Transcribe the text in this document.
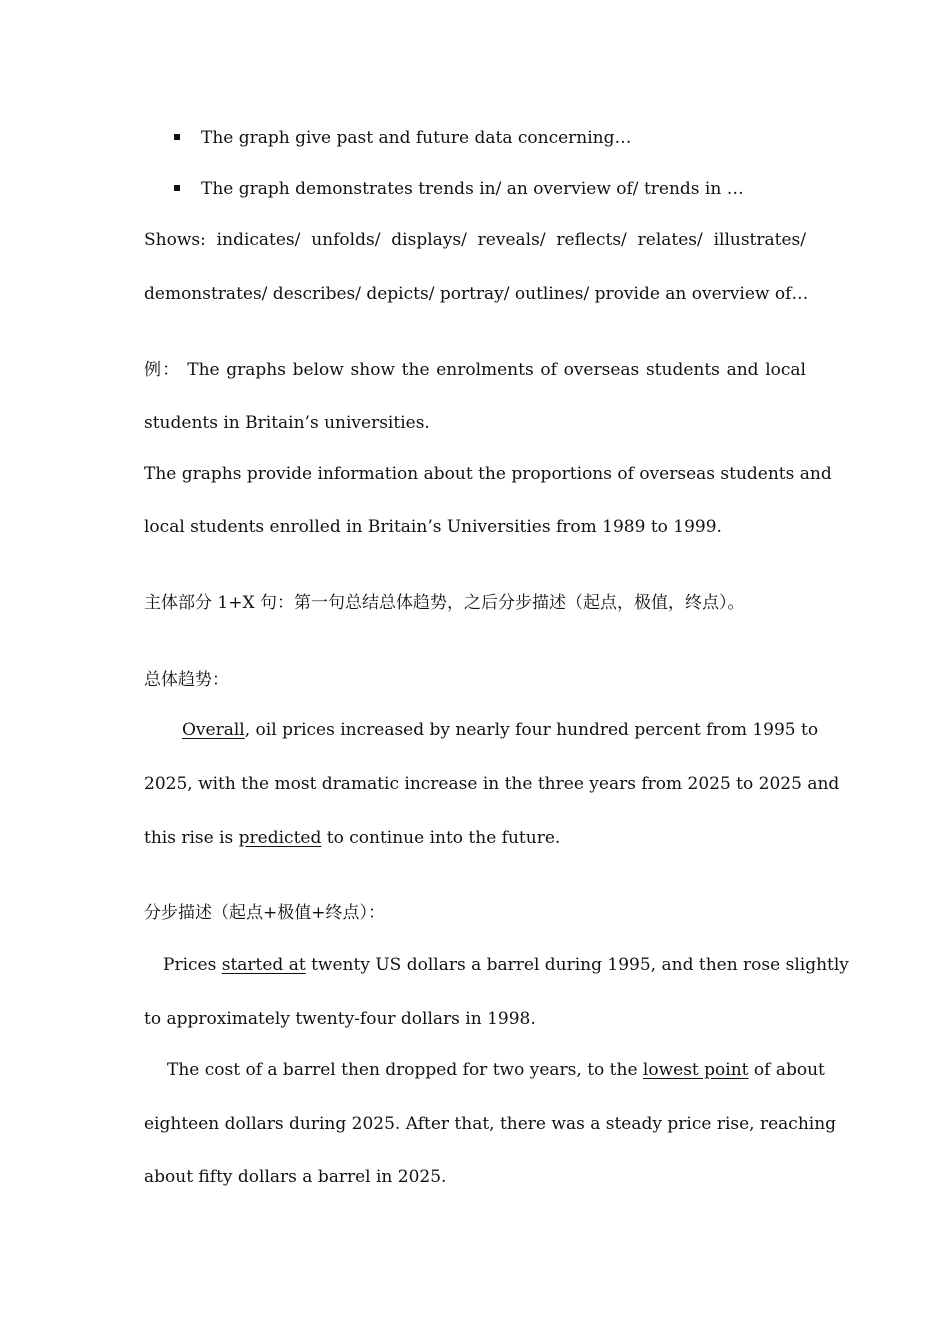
The graph give past and future data concerning…
The graph demonstrates trends in/ an overview of/ trends in …
Shows: indicates/ unfolds/ displays/ reveals/ reflects/ relates/ illustrates/
demonstrates/ describes/ depicts/ portray/ outlines/ provide an overview of…
例： The graphs below show the enrolments of overseas students and local
students in Britain’s universities.
The graphs provide information about the proportions of overseas students and
local students enrolled in Britain’s Universities from 1989 to 1999.
主体部分 1+X 句：第一句总结总体趋势，之后分步描述（起点，极值，终点）。
总体趋势：
Overall, oil prices increased by nearly four hundred percent from 1995 to
2025, with the most dramatic increase in the three years from 2025 to 2025 and
this rise is predicted to continue into the future.
分步描述（起点+极值+终点）：
Prices started at twenty US dollars a barrel during 1995, and then rose slightly
to approximately twenty-four dollars in 1998.
The cost of a barrel then dropped for two years, to the lowest point of about
eighteen dollars during 2025. After that, there was a steady price rise, reaching
about fifty dollars a barrel in 2025.
